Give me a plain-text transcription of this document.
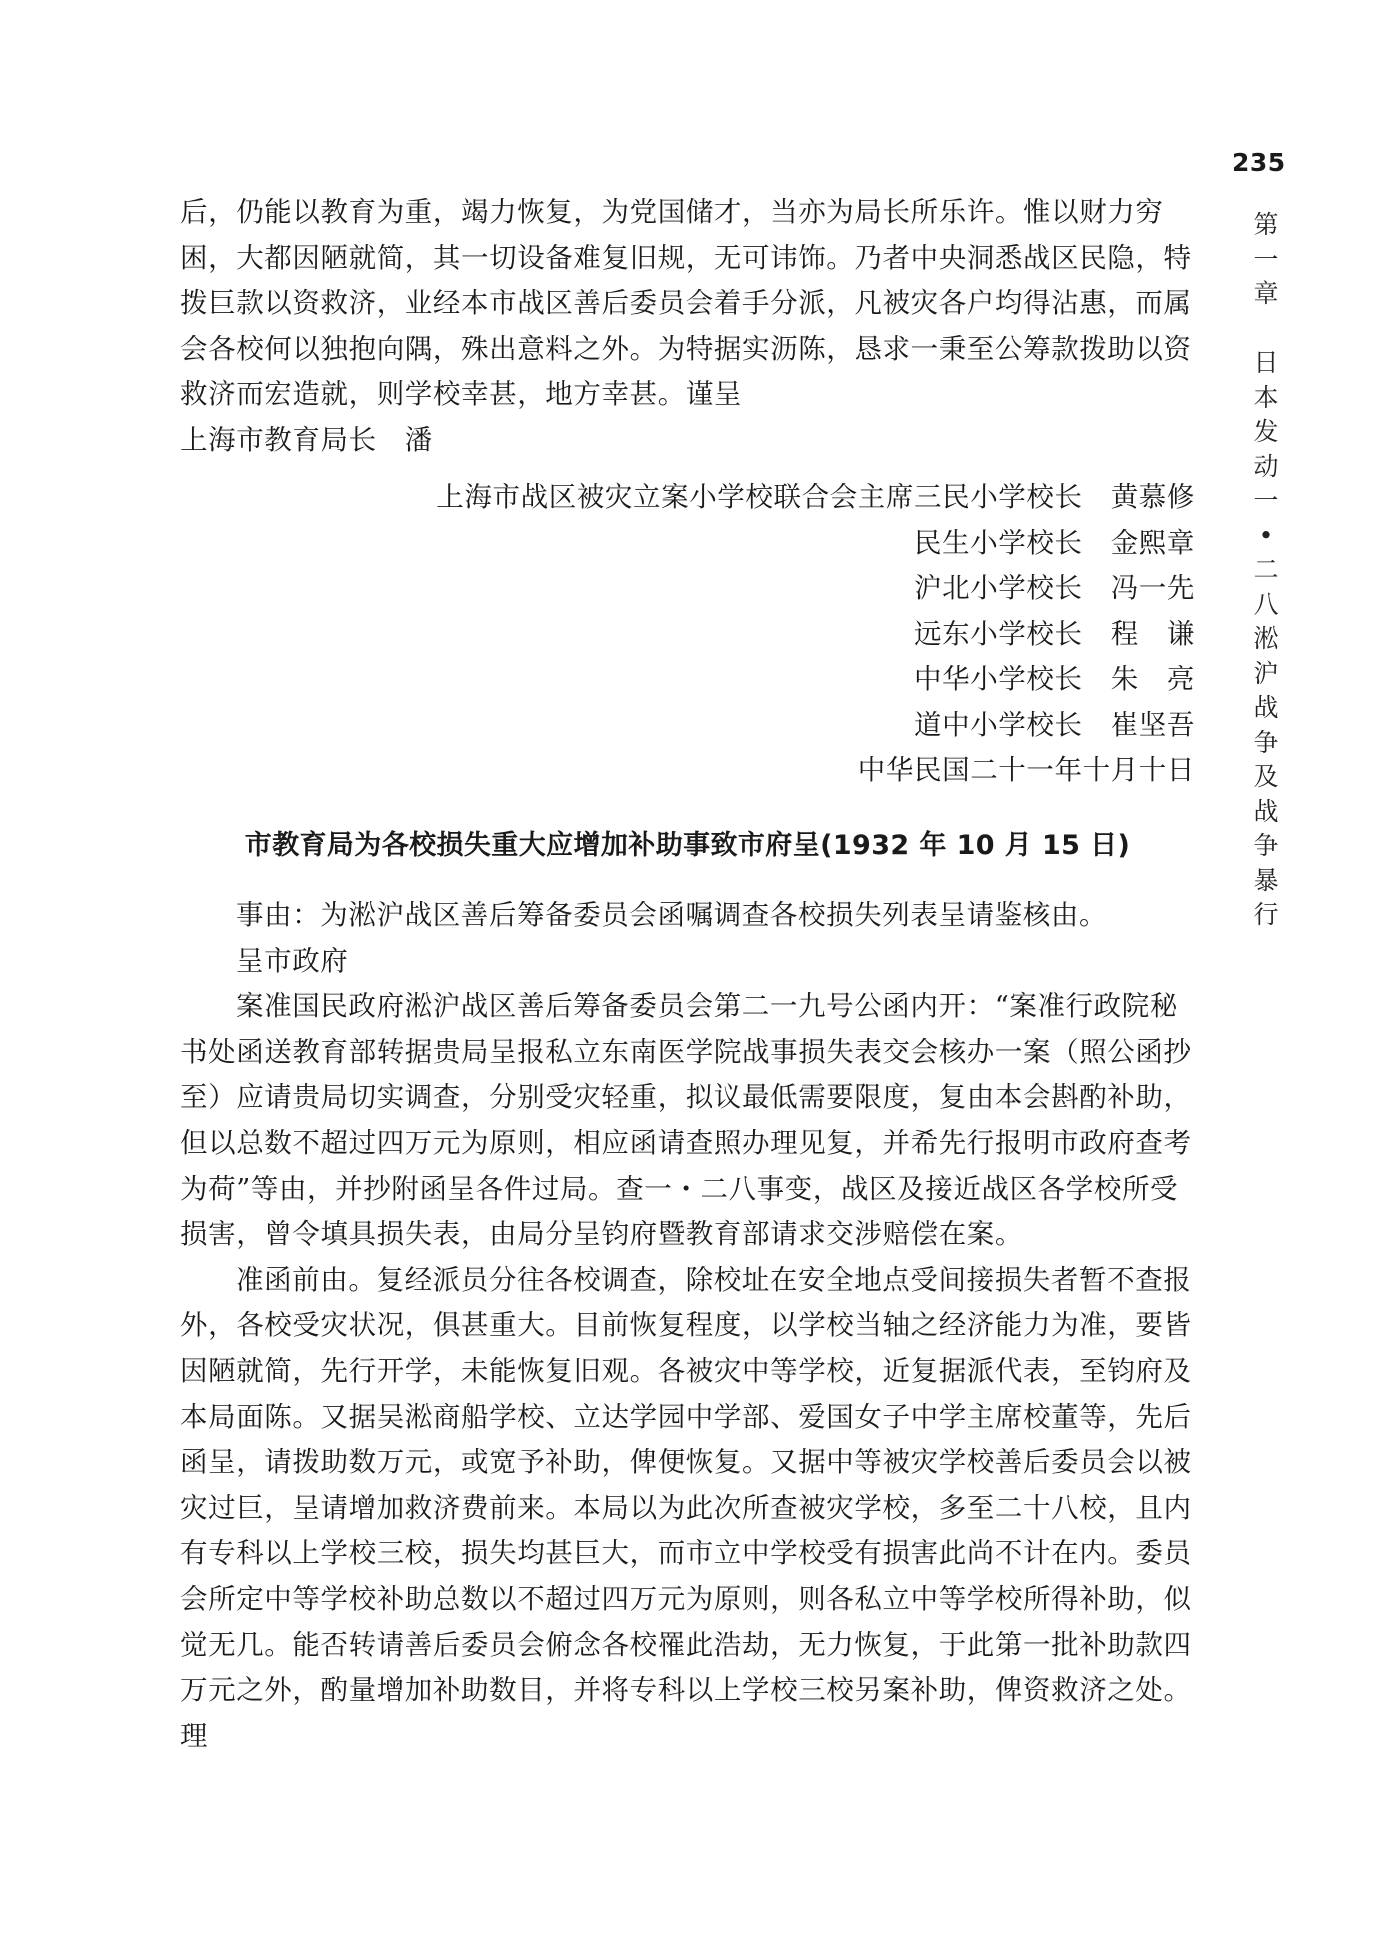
235
第
一
章

日
本
发
动
一
•
二
八
淞
沪
战
争
及
战
争
暴
行

后，仍能以教育为重，竭力恢复，为党国储才，当亦为局长所乐许。惟以财力穷困，大都因陋就简，其一切设备难复旧规，无可讳饰。乃者中央洞悉战区民隐，特拨巨款以资救济，业经本市战区善后委员会着手分派，凡被灾各户均得沾惠，而属会各校何以独抱向隅，殊出意料之外。为特据实沥陈，恳求一秉至公筹款拨助以资救济而宏造就，则学校幸甚，地方幸甚。谨呈

上海市教育局长　潘
上海市战区被灾立案小学校联合会主席三民小学校长　黄慕修
民生小学校长　金熙章
沪北小学校长　冯一先
远东小学校长　程　谦
中华小学校长　朱　亮
道中小学校长　崔坚吾
中华民国二十一年十月十日
市教育局为各校损失重大应增加补助事致市府呈(1932 年 10 月 15 日)

事由：为淞沪战区善后筹备委员会函嘱调查各校损失列表呈请鉴核由。

呈市政府

案准国民政府淞沪战区善后筹备委员会第二一九号公函内开：“案准行政院秘书处函送教育部转据贵局呈报私立东南医学院战事损失表交会核办一案（照公函抄至）应请贵局切实调查，分别受灾轻重，拟议最低需要限度，复由本会斟酌补助，但以总数不超过四万元为原则，相应函请查照办理见复，并希先行报明市政府查考为荷”等由，并抄附函呈各件过局。查一・二八事变，战区及接近战区各学校所受损害，曾令填具损失表，由局分呈钧府暨教育部请求交涉赔偿在案。

准函前由。复经派员分往各校调查，除校址在安全地点受间接损失者暂不查报外，各校受灾状况，俱甚重大。目前恢复程度，以学校当轴之经济能力为准，要皆因陋就简，先行开学，未能恢复旧观。各被灾中等学校，近复据派代表，至钧府及本局面陈。又据吴淞商船学校、立达学园中学部、爱国女子中学主席校董等，先后函呈，请拨助数万元，或宽予补助，俾便恢复。又据中等被灾学校善后委员会以被灾过巨，呈请增加救济费前来。本局以为此次所查被灾学校，多至二十八校，且内有专科以上学校三校，损失均甚巨大，而市立中学校受有损害此尚不计在内。委员会所定中等学校补助总数以不超过四万元为原则，则各私立中等学校所得补助，似觉无几。能否转请善后委员会俯念各校罹此浩劫，无力恢复，于此第一批补助款四万元之外，酌量增加补助数目，并将专科以上学校三校另案补助，俾资救济之处。理
